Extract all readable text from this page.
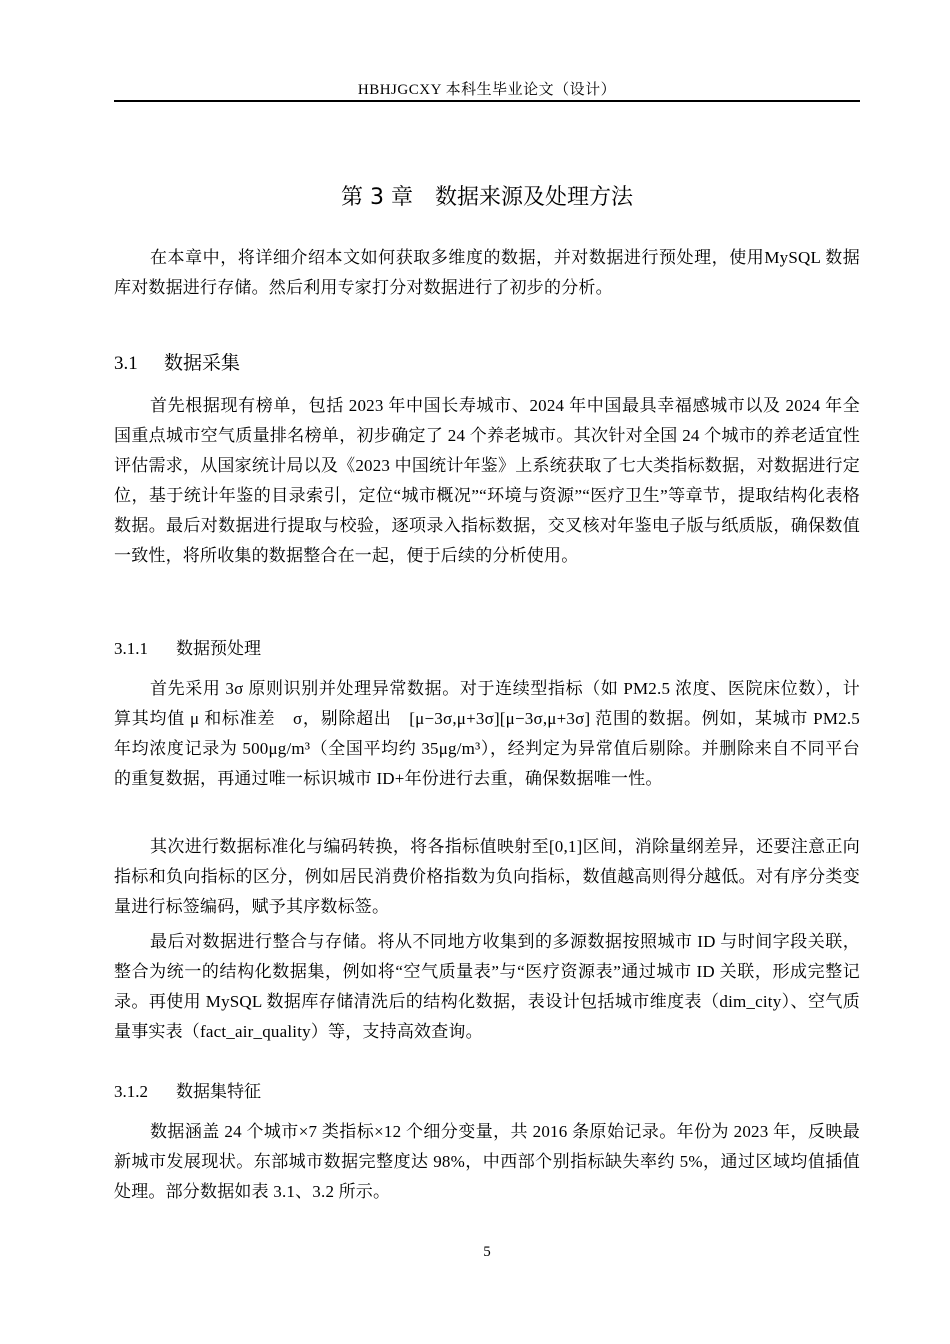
HBHJGCXY 本科生毕业论文（设计）
第 3 章　数据来源及处理方法

在本章中，将详细介绍本文如何获取多维度的数据，并对数据进行预处理，使用MySQL 数据库对数据进行存储。然后利用专家打分对数据进行了初步的分析。

3.1 数据采集

首先根据现有榜单，包括 2023 年中国长寿城市、2024 年中国最具幸福感城市以及 2024 年全国重点城市空气质量排名榜单，初步确定了 24 个养老城市。其次针对全国 24 个城市的养老适宜性评估需求，从国家统计局以及《2023 中国统计年鉴》上系统获取了七大类指标数据，对数据进行定位，基于统计年鉴的目录索引，定位“城市概况”“环境与资源”“医疗卫生”等章节，提取结构化表格数据。最后对数据进行提取与校验，逐项录入指标数据，交叉核对年鉴电子版与纸质版，确保数值一致性，将所收集的数据整合在一起，便于后续的分析使用。

3.1.1 数据预处理

首先采用 3σ 原则识别并处理异常数据。对于连续型指标（如 PM2.5 浓度、医院床位数），计算其均值 μ 和标准差　σ，剔除超出　[μ−3σ,μ+3σ][μ−3σ,μ+3σ] 范围的数据。例如，某城市 PM2.5 年均浓度记录为 500μg/m³（全国平均约 35μg/m³），经判定为异常值后剔除。并删除来自不同平台的重复数据，再通过唯一标识城市 ID+年份进行去重，确保数据唯一性。

其次进行数据标准化与编码转换，将各指标值映射至[0,1]区间，消除量纲差异，还要注意正向指标和负向指标的区分，例如居民消费价格指数为负向指标，数值越高则得分越低。对有序分类变量进行标签编码，赋予其序数标签。

最后对数据进行整合与存储。将从不同地方收集到的多源数据按照城市 ID 与时间字段关联，整合为统一的结构化数据集，例如将“空气质量表”与“医疗资源表”通过城市 ID 关联，形成完整记录。再使用 MySQL 数据库存储清洗后的结构化数据，表设计包括城市维度表（dim_city）、空气质量事实表（fact_air_quality）等，支持高效查询。

3.1.2 数据集特征

数据涵盖 24 个城市×7 类指标×12 个细分变量，共 2016 条原始记录。年份为 2023 年，反映最新城市发展现状。东部城市数据完整度达 98%，中西部个别指标缺失率约 5%，通过区域均值插值处理。部分数据如表 3.1、3.2 所示。

5
